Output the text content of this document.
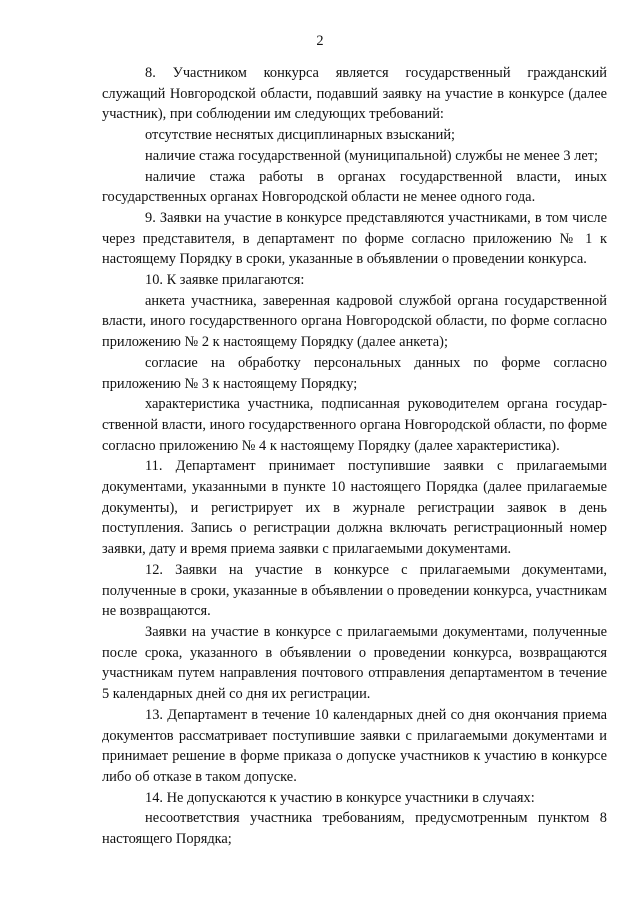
2

8. Участником конкурса является государственный гражданский служащий Новгородской области, подавший заявку на участие в конкурсе (далее участник), при соблюдении им следующих требований:

отсутствие неснятых дисциплинарных взысканий;

наличие стажа государственной (муниципальной) службы не менее 3 лет;

наличие стажа работы в органах государственной власти, иных государственных органах Новгородской области не менее одного года.

9. Заявки на участие в конкурсе представляются участниками, в том числе через представителя, в департамент по форме согласно приложению № 1 к настоящему Порядку в сроки, указанные в объявлении о проведении конкурса.

10. К заявке прилагаются:

анкета участника, заверенная кадровой службой органа государственной власти, иного государственного органа Новгородской области, по форме согласно приложению № 2 к настоящему Порядку (далее анкета);

согласие на обработку персональных данных по форме согласно приложению № 3 к настоящему Порядку;

характеристика участника, подписанная руководителем органа государственной власти, иного государственного органа Новгородской области, по форме согласно приложению № 4 к настоящему Порядку (далее характеристика).

11. Департамент принимает поступившие заявки с прилагаемыми документами, указанными в пункте 10 настоящего Порядка (далее прилагаемые документы), и регистрирует их в журнале регистрации заявок в день поступления. Запись о регистрации должна включать регистрационный номер заявки, дату и время приема заявки с прилагаемыми документами.

12. Заявки на участие в конкурсе с прилагаемыми документами, полученные в сроки, указанные в объявлении о проведении конкурса, участникам не возвращаются.

Заявки на участие в конкурсе с прилагаемыми документами, полученные после срока, указанного в объявлении о проведении конкурса, возвращаются участникам путем направления почтового отправления департаментом в течение 5 календарных дней со дня их регистрации.

13. Департамент в течение 10 календарных дней со дня окончания приема документов рассматривает поступившие заявки с прилагаемыми документами и принимает решение в форме приказа о допуске участников к участию в конкурсе либо об отказе в таком допуске.

14. Не допускаются к участию в конкурсе участники в случаях:

несоответствия участника требованиям, предусмотренным пунктом 8 настоящего Порядка;
